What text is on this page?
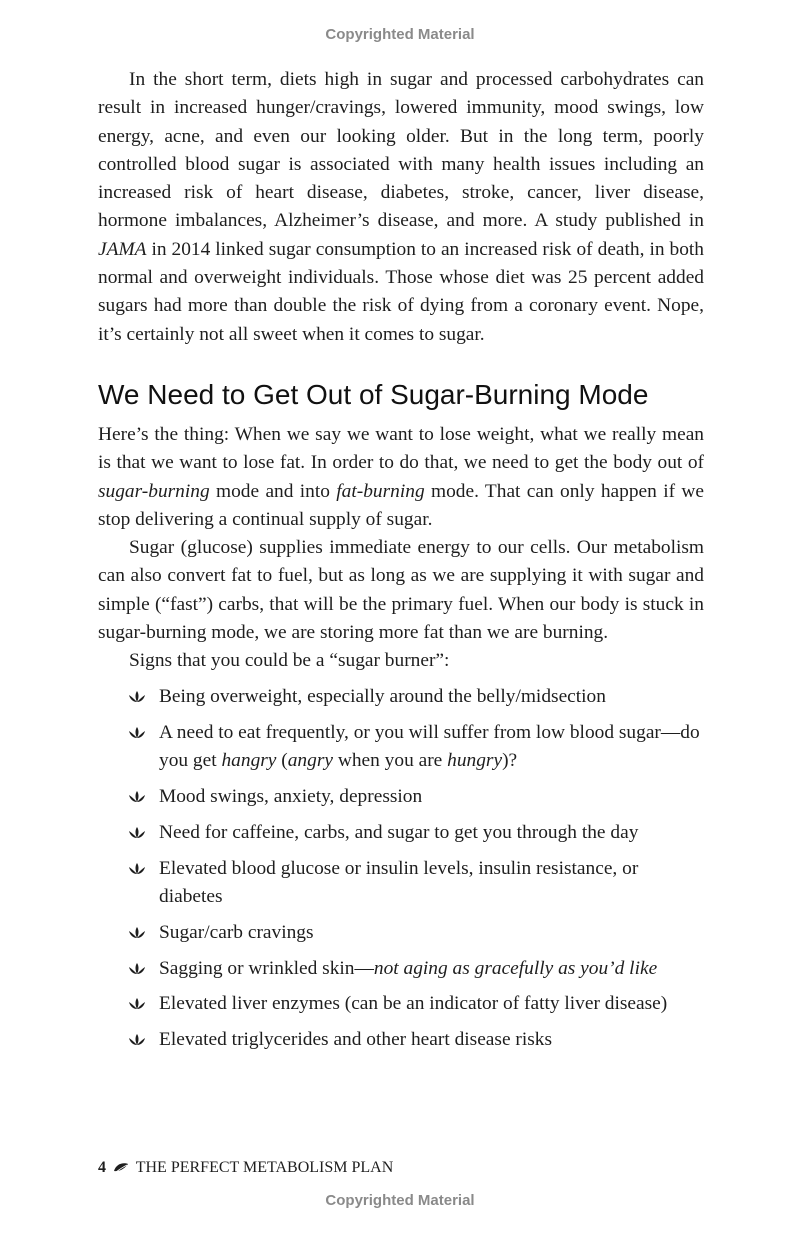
Copyrighted Material

In the short term, diets high in sugar and processed carbohydrates can result in increased hunger/cravings, lowered immunity, mood swings, low energy, acne, and even our looking older. But in the long term, poorly controlled blood sugar is associated with many health issues including an increased risk of heart disease, diabetes, stroke, cancer, liver disease, hormone imbalances, Alzheimer’s disease, and more. A study published in JAMA in 2014 linked sugar consumption to an increased risk of death, in both normal and overweight individuals. Those whose diet was 25 percent added sugars had more than double the risk of dying from a coronary event. Nope, it’s certainly not all sweet when it comes to sugar.

We Need to Get Out of Sugar-Burning Mode

Here’s the thing: When we say we want to lose weight, what we really mean is that we want to lose fat. In order to do that, we need to get the body out of sugar-burning mode and into fat-burning mode. That can only happen if we stop delivering a continual supply of sugar.

Sugar (glucose) supplies immediate energy to our cells. Our metabolism can also convert fat to fuel, but as long as we are supplying it with sugar and simple (“fast”) carbs, that will be the primary fuel. When our body is stuck in sugar-burning mode, we are storing more fat than we are burning.

Signs that you could be a “sugar burner”:

Being overweight, especially around the belly/midsection
A need to eat frequently, or you will suffer from low blood sugar—do you get hangry (angry when you are hungry)?
Mood swings, anxiety, depression
Need for caffeine, carbs, and sugar to get you through the day
Elevated blood glucose or insulin levels, insulin resistance, or diabetes
Sugar/carb cravings
Sagging or wrinkled skin—not aging as gracefully as you’d like
Elevated liver enzymes (can be an indicator of fatty liver disease)
Elevated triglycerides and other heart disease risks
4 THE PERFECT METABOLISM PLAN
Copyrighted Material
